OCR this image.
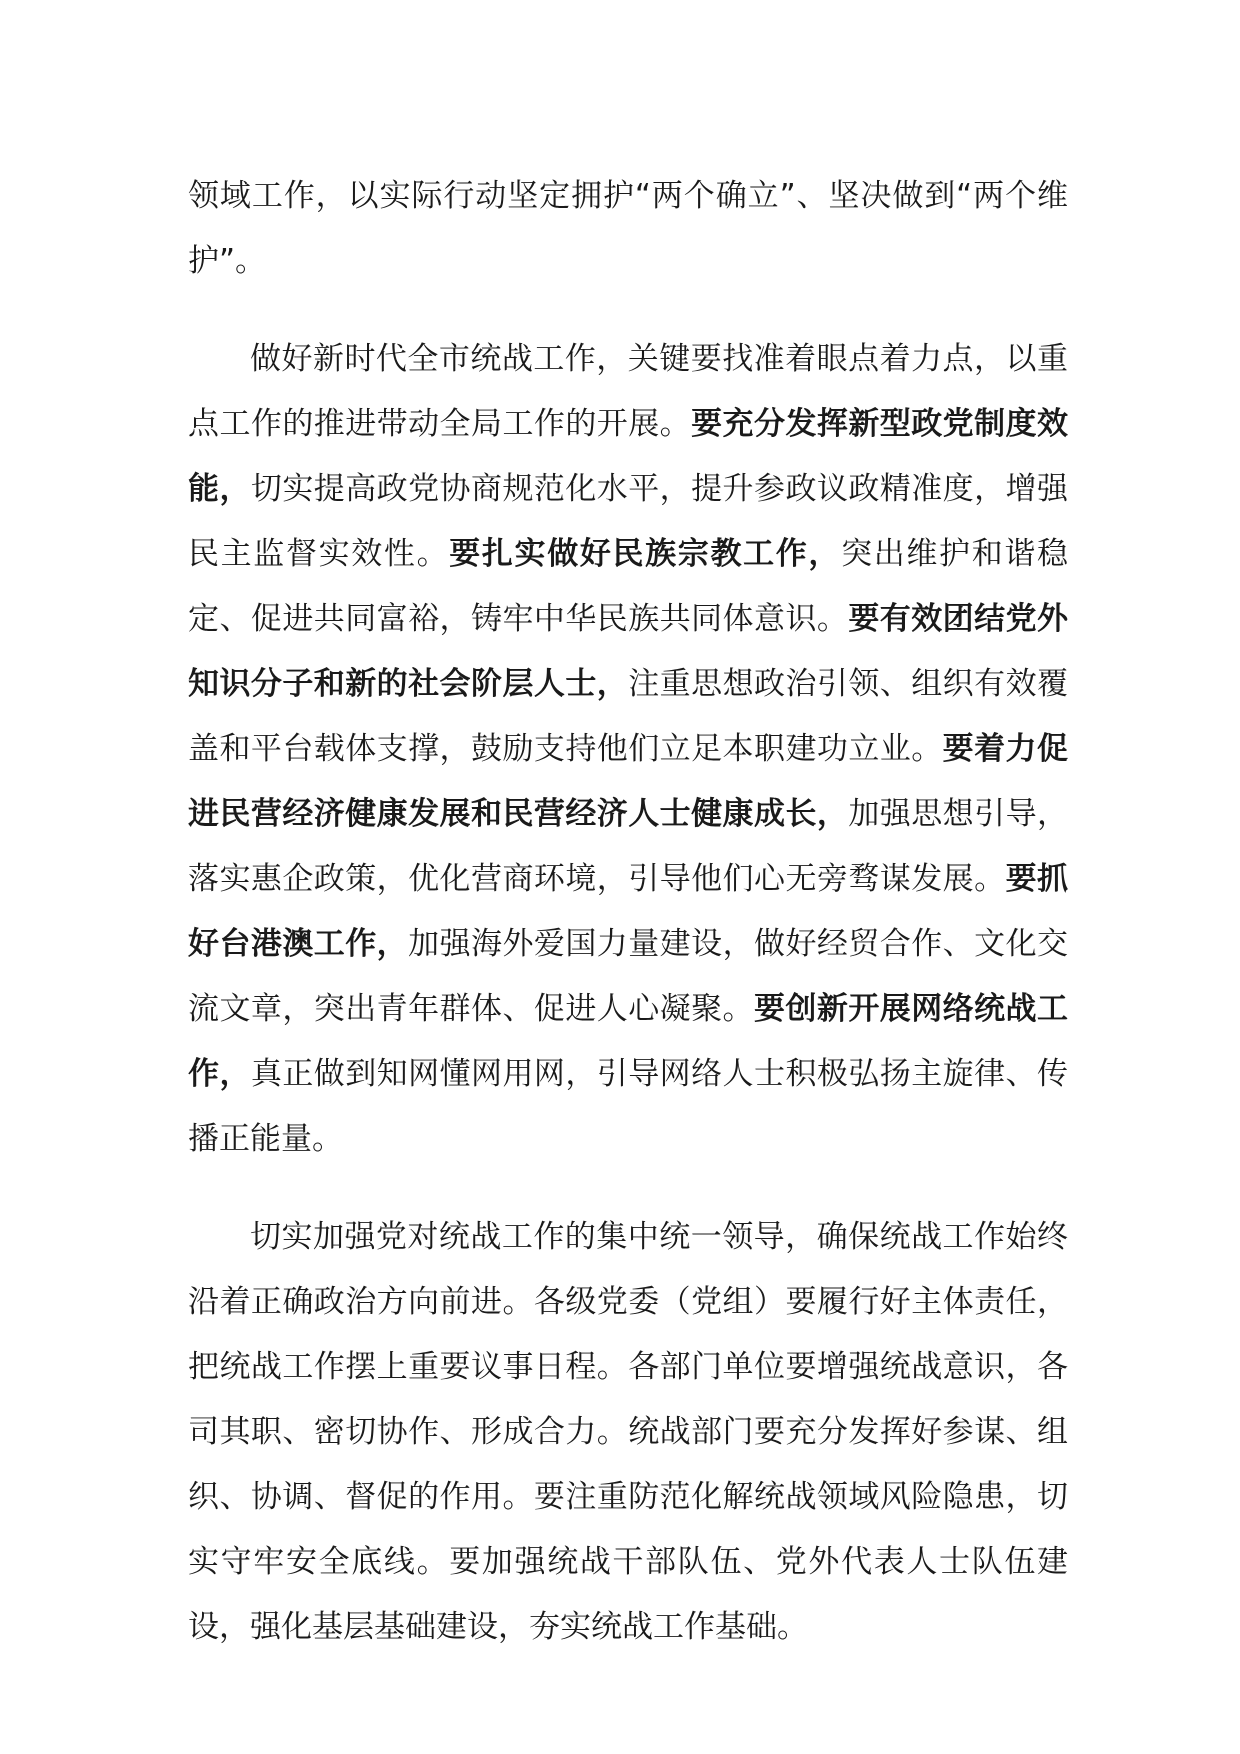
领域工作，以实际行动坚定拥护“两个确立”、坚决做到“两个维护”。

做好新时代全市统战工作，关键要找准着眼点着力点，以重点工作的推进带动全局工作的开展。要充分发挥新型政党制度效能，切实提高政党协商规范化水平，提升参政议政精准度，增强民主监督实效性。要扎实做好民族宗教工作，突出维护和谐稳定、促进共同富裕，铸牢中华民族共同体意识。要有效团结党外知识分子和新的社会阶层人士，注重思想政治引领、组织有效覆盖和平台载体支撑，鼓励支持他们立足本职建功立业。要着力促进民营经济健康发展和民营经济人士健康成长，加强思想引导，落实惠企政策，优化营商环境，引导他们心无旁骛谋发展。要抓好台港澳工作，加强海外爱国力量建设，做好经贸合作、文化交流文章，突出青年群体、促进人心凝聚。要创新开展网络统战工作，真正做到知网懂网用网，引导网络人士积极弘扬主旋律、传播正能量。

切实加强党对统战工作的集中统一领导，确保统战工作始终沿着正确政治方向前进。各级党委（党组）要履行好主体责任，把统战工作摆上重要议事日程。各部门单位要增强统战意识，各司其职、密切协作、形成合力。统战部门要充分发挥好参谋、组织、协调、督促的作用。要注重防范化解统战领域风险隐患，切实守牢安全底线。要加强统战干部队伍、党外代表人士队伍建设，强化基层基础建设，夯实统战工作基础。
